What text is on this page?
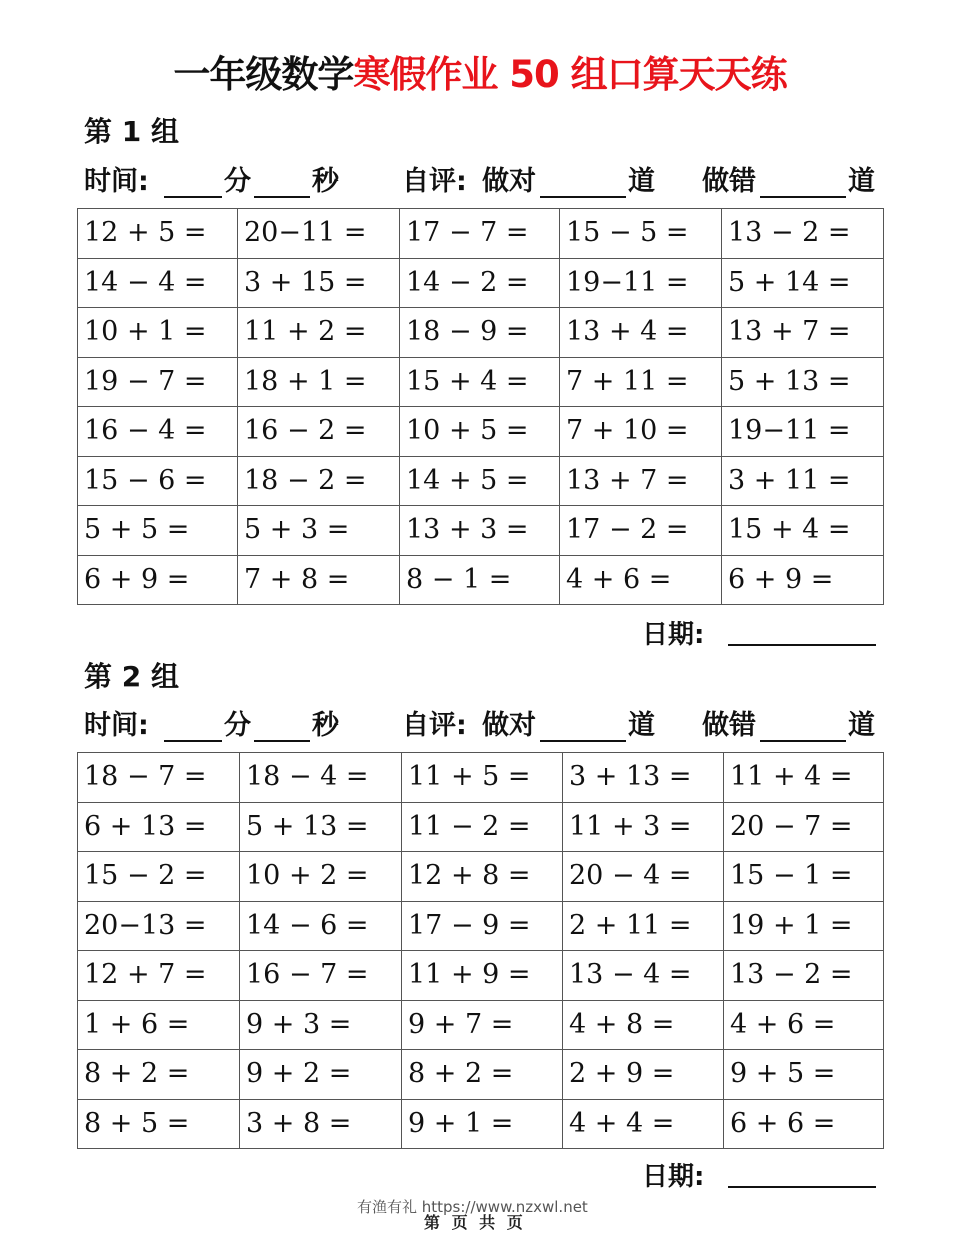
一年级数学寒假作业 50 组口算天天练
第 1 组
时间:	分 秒 自评: 做对	道 做错	道
12 + 5 =	20−11 =	17 − 7 =	15 − 5 =	13 − 2 =
14 − 4 =	3 + 15 =	14 − 2 =	19−11 =	5 + 14 =
10 + 1 =	11 + 2 =	18 − 9 =	13 + 4 =	13 + 7 =
19 − 7 =	18 + 1 =	15 + 4 =	7 + 11 =	5 + 13 =
16 − 4 =	16 − 2 =	10 + 5 =	7 + 10 =	19−11 =
15 − 6 =	18 − 2 =	14 + 5 =	13 + 7 =	3 + 11 =
5 + 5 =	5 + 3 =	13 + 3 =	17 − 2 =	15 + 4 =
6 + 9 =	7 + 8 =	8 − 1 =	4 + 6 =	6 + 9 =
日期:
第 2 组
时间:	分 秒 自评: 做对	道 做错	道
18 − 7 =	18 − 4 =	11 + 5 =	3 + 13 =	11 + 4 =
6 + 13 =	5 + 13 =	11 − 2 =	11 + 3 =	20 − 7 =
15 − 2 =	10 + 2 =	12 + 8 =	20 − 4 =	15 − 1 =
20−13 =	14 − 6 =	17 − 9 =	2 + 11 =	19 + 1 =
12 + 7 =	16 − 7 =	11 + 9 =	13 − 4 =	13 − 2 =
1 + 6 =	9 + 3 =	9 + 7 =	4 + 8 =	4 + 6 =
8 + 2 =	9 + 2 =	8 + 2 =	2 + 9 =	9 + 5 =
8 + 5 =	3 + 8 =	9 + 1 =	4 + 4 =	6 + 6 =
日期:
有渔有礼 https://www.nzxwl.net
第 页 共 页
